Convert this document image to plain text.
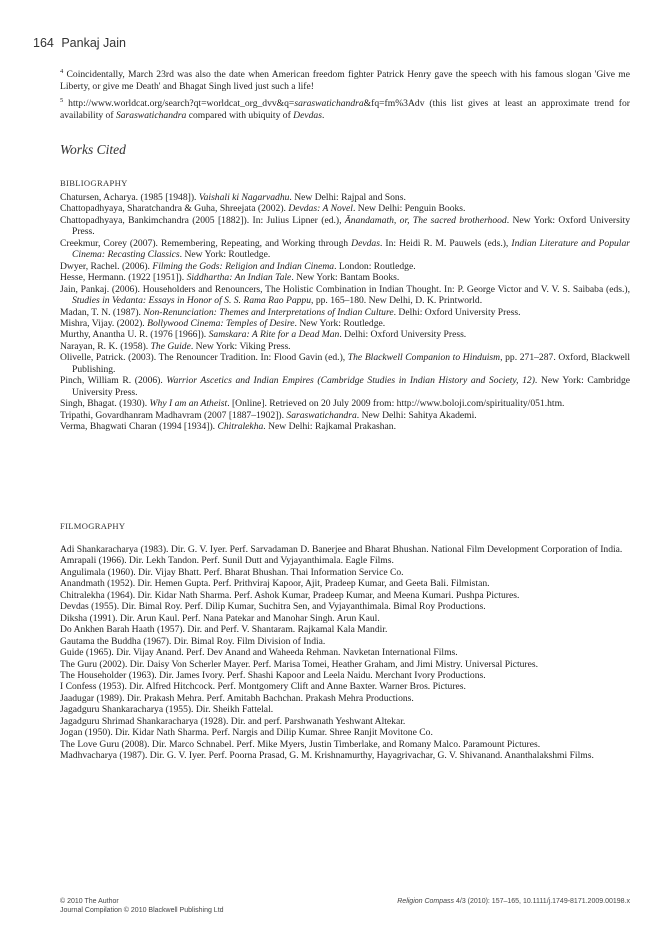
164 Pankaj Jain

$^4$ Coincidentally, March 23rd was also the date when American freedom fighter Patrick Henry gave the speech with his famous slogan 'Give me Liberty, or give me Death' and Bhagat Singh lived just such a life!

$^5$ http://www.worldcat.org/search?qt=worldcat_org_dvv&q=saraswatichandra&fq=fm%3Adv (this list gives at least an approximate trend for availability of Saraswatichandra compared with ubiquity of Devdas.

Works Cited
BIBLIOGRAPHY

Chatursen, Acharya. (1985 [1948]). Vaishali ki Nagarvadhu. New Delhi: Rajpal and Sons.

Chattopadhyaya, Sharatchandra & Guha, Shreejata (2002). Devdas: A Novel. New Delhi: Penguin Books.

Chattopadhyaya, Bankimchandra (2005 [1882]). In: Julius Lipner (ed.), Ānandamath, or, The sacred brotherhood. New York: Oxford University Press.

Creekmur, Corey (2007). Remembering, Repeating, and Working through Devdas. In: Heidi R. M. Pauwels (eds.), Indian Literature and Popular Cinema: Recasting Classics. New York: Routledge.

Dwyer, Rachel. (2006). Filming the Gods: Religion and Indian Cinema. London: Routledge.

Hesse, Hermann. (1922 [1951]). Siddhartha: An Indian Tale. New York: Bantam Books.

Jain, Pankaj. (2006). Householders and Renouncers, The Holistic Combination in Indian Thought. In: P. George Victor and V. V. S. Saibaba (eds.), Studies in Vedanta: Essays in Honor of S. S. Rama Rao Pappu, pp. 165–180. New Delhi, D. K. Printworld.

Madan, T. N. (1987). Non-Renunciation: Themes and Interpretations of Indian Culture. Delhi: Oxford University Press.

Mishra, Vijay. (2002). Bollywood Cinema: Temples of Desire. New York: Routledge.

Murthy, Anantha U. R. (1976 [1966]). Samskara: A Rite for a Dead Man. Delhi: Oxford University Press.

Narayan, R. K. (1958). The Guide. New York: Viking Press.

Olivelle, Patrick. (2003). The Renouncer Tradition. In: Flood Gavin (ed.), The Blackwell Companion to Hinduism, pp. 271–287. Oxford, Blackwell Publishing.

Pinch, William R. (2006). Warrior Ascetics and Indian Empires (Cambridge Studies in Indian History and Society, 12). New York: Cambridge University Press.

Singh, Bhagat. (1930). Why I am an Atheist. [Online]. Retrieved on 20 July 2009 from: http://www.boloji.com/spirituality/051.htm.

Tripathi, Govardhanram Madhavram (2007 [1887–1902]). Saraswatichandra. New Delhi: Sahitya Akademi.

Verma, Bhagwati Charan (1994 [1934]). Chitralekha. New Delhi: Rajkamal Prakashan.

FILMOGRAPHY

Adi Shankaracharya (1983). Dir. G. V. Iyer. Perf. Sarvadaman D. Banerjee and Bharat Bhushan. National Film Development Corporation of India.

Amrapali (1966). Dir. Lekh Tandon. Perf. Sunil Dutt and Vyjayanthimala. Eagle Films.

Angulimala (1960). Dir. Vijay Bhatt. Perf. Bharat Bhushan. Thai Information Service Co.

Anandmath (1952). Dir. Hemen Gupta. Perf. Prithviraj Kapoor, Ajit, Pradeep Kumar, and Geeta Bali. Filmistan.

Chitralekha (1964). Dir. Kidar Nath Sharma. Perf. Ashok Kumar, Pradeep Kumar, and Meena Kumari. Pushpa Pictures.

Devdas (1955). Dir. Bimal Roy. Perf. Dilip Kumar, Suchitra Sen, and Vyjayanthimala. Bimal Roy Productions.

Diksha (1991). Dir. Arun Kaul. Perf. Nana Patekar and Manohar Singh. Arun Kaul.

Do Ankhen Barah Haath (1957). Dir. and Perf. V. Shantaram. Rajkamal Kala Mandir.

Gautama the Buddha (1967). Dir. Bimal Roy. Film Division of India.

Guide (1965). Dir. Vijay Anand. Perf. Dev Anand and Waheeda Rehman. Navketan International Films.

The Guru (2002). Dir. Daisy Von Scherler Mayer. Perf. Marisa Tomei, Heather Graham, and Jimi Mistry. Universal Pictures.

The Householder (1963). Dir. James Ivory. Perf. Shashi Kapoor and Leela Naidu. Merchant Ivory Productions.

I Confess (1953). Dir. Alfred Hitchcock. Perf. Montgomery Clift and Anne Baxter. Warner Bros. Pictures.

Jaadugar (1989). Dir. Prakash Mehra. Perf. Amitabh Bachchan. Prakash Mehra Productions.

Jagadguru Shankaracharya (1955). Dir. Sheikh Fattelal.

Jagadguru Shrimad Shankaracharya (1928). Dir. and perf. Parshwanath Yeshwant Altekar.

Jogan (1950). Dir. Kidar Nath Sharma. Perf. Nargis and Dilip Kumar. Shree Ranjit Movitone Co.

The Love Guru (2008). Dir. Marco Schnabel. Perf. Mike Myers, Justin Timberlake, and Romany Malco. Paramount Pictures.

Madhvacharya (1987). Dir. G. V. Iyer. Perf. Poorna Prasad, G. M. Krishnamurthy, Hayagrivachar, G. V. Shivanand. Ananthalakshmi Films.

© 2010 The Author
Journal Compilation © 2010 Blackwell Publishing Ltd
Religion Compass 4/3 (2010): 157–165, 10.1111/j.1749-8171.2009.00198.x
